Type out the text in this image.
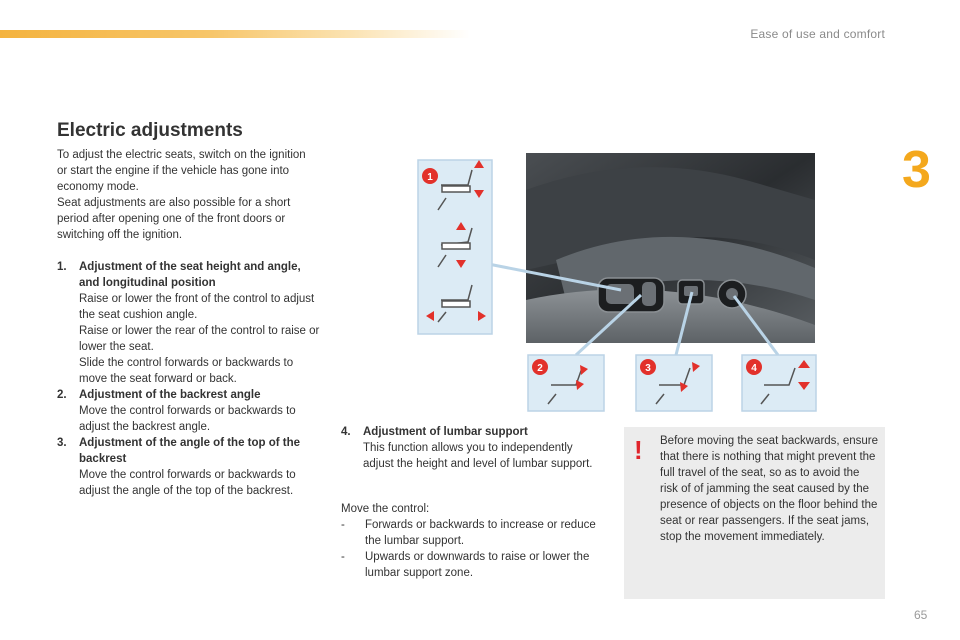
Ease of use and comfort
3
65
Electric adjustments

To adjust the electric seats, switch on the ignition or start the engine if the vehicle has gone into economy mode.

Seat adjustments are also possible for a short period after opening one of the front doors or switching off the ignition.

1. Adjustment of the seat height and angle, and longitudinal position

Raise or lower the front of the control to adjust the seat cushion angle.

Raise or lower the rear of the control to raise or lower the seat.

Slide the control forwards or backwards to move the seat forward or back.

2. Adjustment of the backrest angle

Move the control forwards or backwards to adjust the backrest angle.

3. Adjustment of the angle of the top of the backrest

Move the control forwards or backwards to adjust the angle of the top of the backrest.

4. Adjustment of lumbar support

This function allows you to independently adjust the height and level of lumbar support.

Move the control:

- Forwards or backwards to increase or reduce the lumbar support.
- Upwards or downwards to raise or lower the lumbar support zone.
! Before moving the seat backwards, ensure that there is nothing that might prevent the full travel of the seat, so as to avoid the risk of of jamming the seat caused by the presence of objects on the floor behind the seat or rear passengers. If the seat jams, stop the movement immediately.
1
2	3	4
